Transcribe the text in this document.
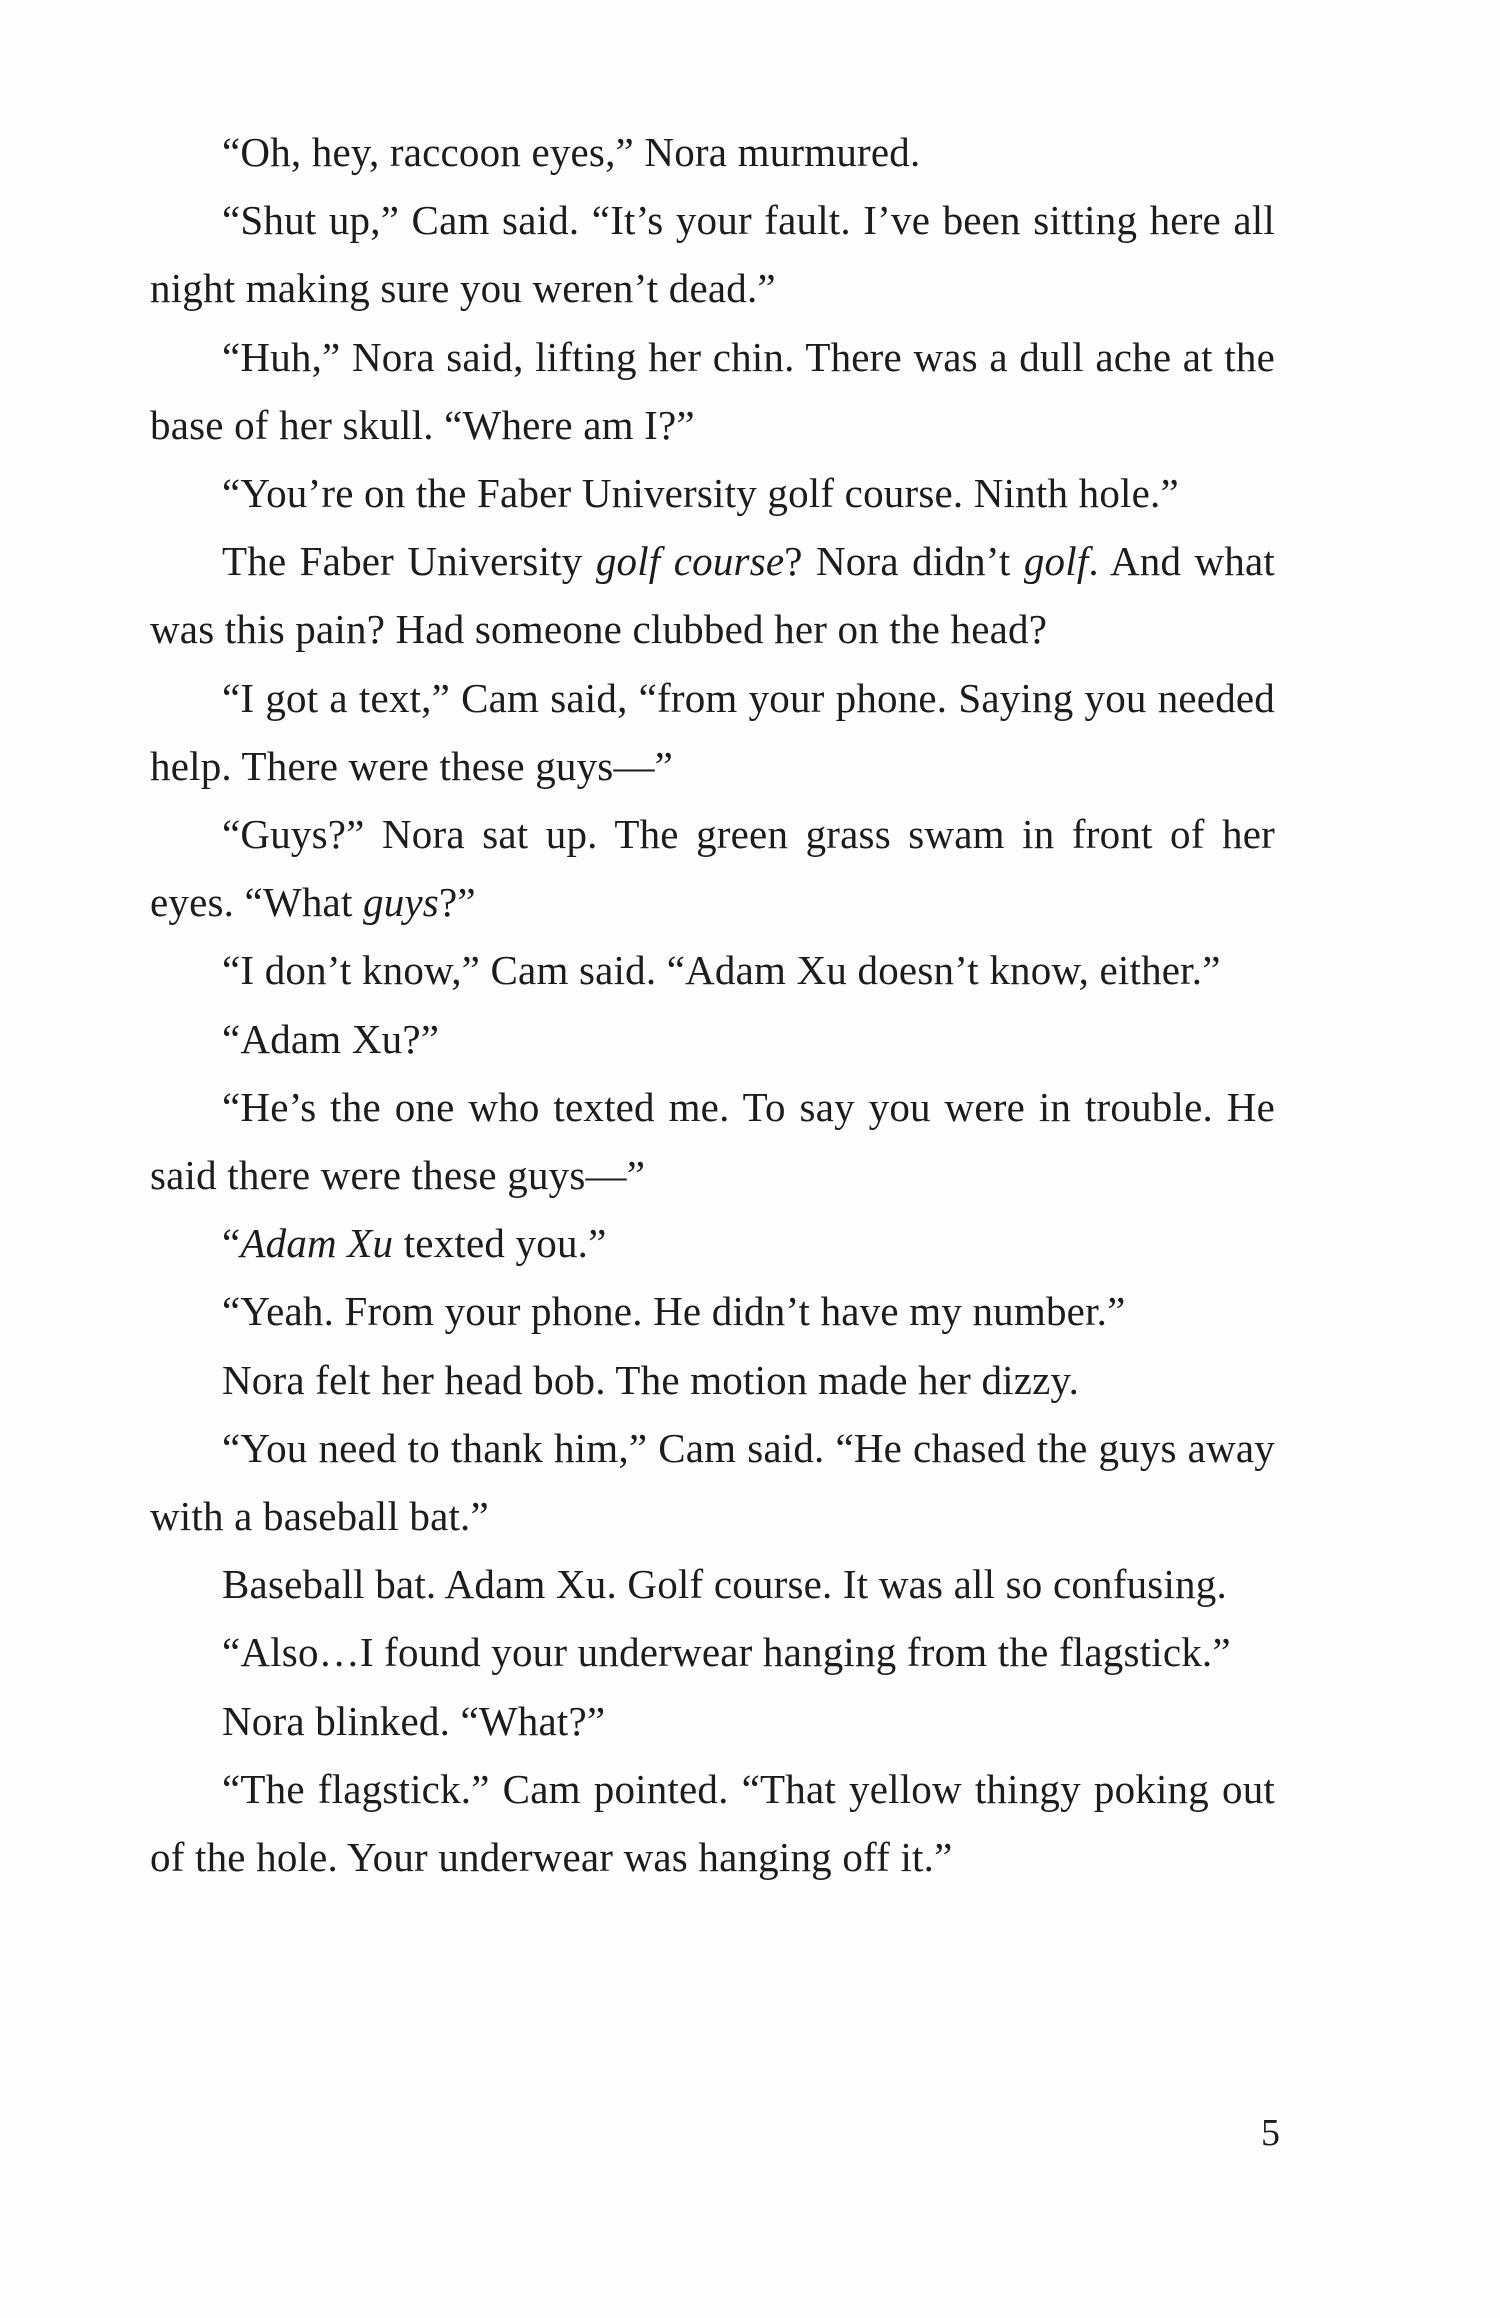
“Oh, hey, raccoon eyes,” Nora murmured.

“Shut up,” Cam said. “It’s your fault. I’ve been sitting here all night making sure you weren’t dead.”

“Huh,” Nora said, lifting her chin. There was a dull ache at the base of her skull. “Where am I?”

“You’re on the Faber University golf course. Ninth hole.”

The Faber University golf course? Nora didn’t golf. And what was this pain? Had someone clubbed her on the head?

“I got a text,” Cam said, “from your phone. Saying you needed help. There were these guys—”

“Guys?” Nora sat up. The green grass swam in front of her eyes. “What guys?”

“I don’t know,” Cam said. “Adam Xu doesn’t know, either.”

“Adam Xu?”

“He’s the one who texted me. To say you were in trouble. He said there were these guys—”

“Adam Xu texted you.”

“Yeah. From your phone. He didn’t have my number.”

Nora felt her head bob. The motion made her dizzy.

“You need to thank him,” Cam said. “He chased the guys away with a baseball bat.”

Baseball bat. Adam Xu. Golf course. It was all so confusing.

“Also…I found your underwear hanging from the flagstick.”

Nora blinked. “What?”

“The flagstick.” Cam pointed. “That yellow thingy poking out of the hole. Your underwear was hanging off it.”

5
